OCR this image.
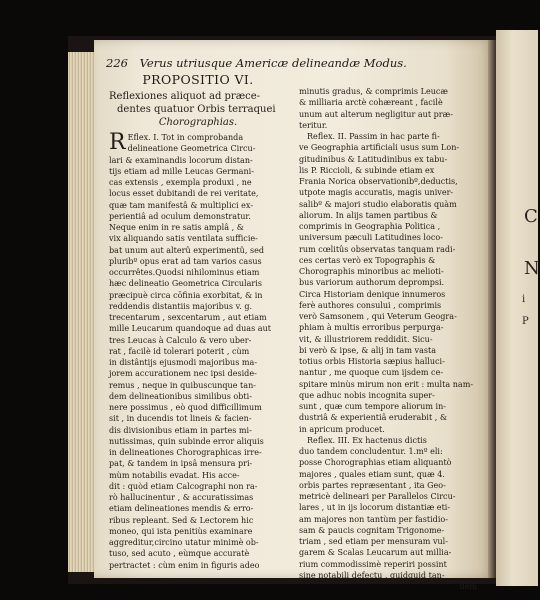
C
N
i
P
226 Verus utriusque Americæ delineandæ Modus.
PROPOSITIO VI.
Reflexiones aliquot ad præce-
dentes quatuor Orbis terraquei
Chorographias.
R Eflex. I. Tot in comprobanda
delineatione Geometrica Circu-
lari & examinandis locorum distan-
tijs etiam ad mille Leucas Germani-
cas extensis , exempla produxi , ne
locus esset dubitandi de rei veritate,
quæ tam manifestâ & multiplici ex-
perientiâ ad oculum demonstratur.
Neque enim in re satis amplâ , &
vix aliquando satis ventilata sufficie-
bat unum aut alterû experimentû, sed
pluribº opus erat ad tam varios casus
occurrêtes.Quodsi nihilominus etiam
hæc delineatio Geometrica Circularis
præcipuè circa cōfinia exorbitat, & in
reddendis distantiis majoribus v. g.
trecentarum , sexcentarum , aut etiam
mille Leucarum quandoque ad duas aut
tres Leucas à Calculo & vero uber-
rat , facilè id tolerari poterit , cùm
in distântijs ejusmodi majoribus ma-
jorem accurationem nec ipsi deside-
remus , neque in quibuscunque tan-
dem delineationibus similibus obti-
nere possimus , eò quod difficillimum
sit , in ducendis tot lineis & facien-
dis divisionibus etiam in partes mi-
nutissimas, quin subinde error aliquis
in delineationes Chorographicas irre-
pat, & tandem in ipsâ mensura pri-
mùm notabilis evadat. His acce-
dit : quòd etiam Calcographi non ra-
rò hallucinentur , & accuratissimas
etiam delineationes mendis & erro-
ribus repleant. Sed & Lectorem hic
moneo, qui ista penitiùs examinare
aggreditur,circino utatur minimè ob-
tuso, sed acuto , eùmque accuratè
pertractet : cùm enim in figuris adeo
minutis gradus, & comprimis Leucæ
& milliaria arctè cohæreant , facilè
unum aut alterum negligitur aut præ-
teritur.
Reflex. II. Passim in hac parte fi-
ve Geographia artificiali usus sum Lon-
gitudinibus & Latitudinibus ex tabu-
lis P. Riccioli, & subinde etiam ex
Frania Norica observationibº,deductis,
utpote magis accuratis, magis univer-
salibº & majori studio elaboratis quàm
aliorum. In alijs tamen partibus &
comprimis in Geographia Politica ,
universum pæculi Latitudines loco-
rum cœlitûs observatas tanquam radi-
ces certas verò ex Topographis &
Chorographis minoribus ac melioti-
bus variorum authorum deprompsi.
Circa Historiam denique innumeros
ferè authores consului , comprimis
verò Samsonem , qui Veterum Geogra-
phiam à multis erroribus perpurga-
vit, & illustriorem reddidit. Sicu-
bi verò & ipse, & alij in tam vasta
totius orbis Historia sæpius halluci-
nantur , me quoque cum ijsdem ce-
spitare minùs mirum non erit : multa nam-
que adhuc nobis incognita super-
sunt , quæ cum tempore aliorum in-
dustriâ & experientiâ eruderabit , &
in apricum producet.
Reflex. III. Ex hactenus dictis
duo tandem concludentur. 1.mº eli:
posse Chorographias etiam aliquantò
majores , quales etiam sunt, quæ 4.
orbis partes repræsentant , ita Geo-
metricè delineari per Parallelos Circu-
lares , ut in ijs locorum distantiæ eti-
am majores non tantùm per fastidio-
sam & paucis cognitam Trigonome-
triam , sed etiam per mensuram vul-
garem & Scalas Leucarum aut millia-
rium commodissimè reperiri possint
sine notabili defectu , quidquid tan-
dem
